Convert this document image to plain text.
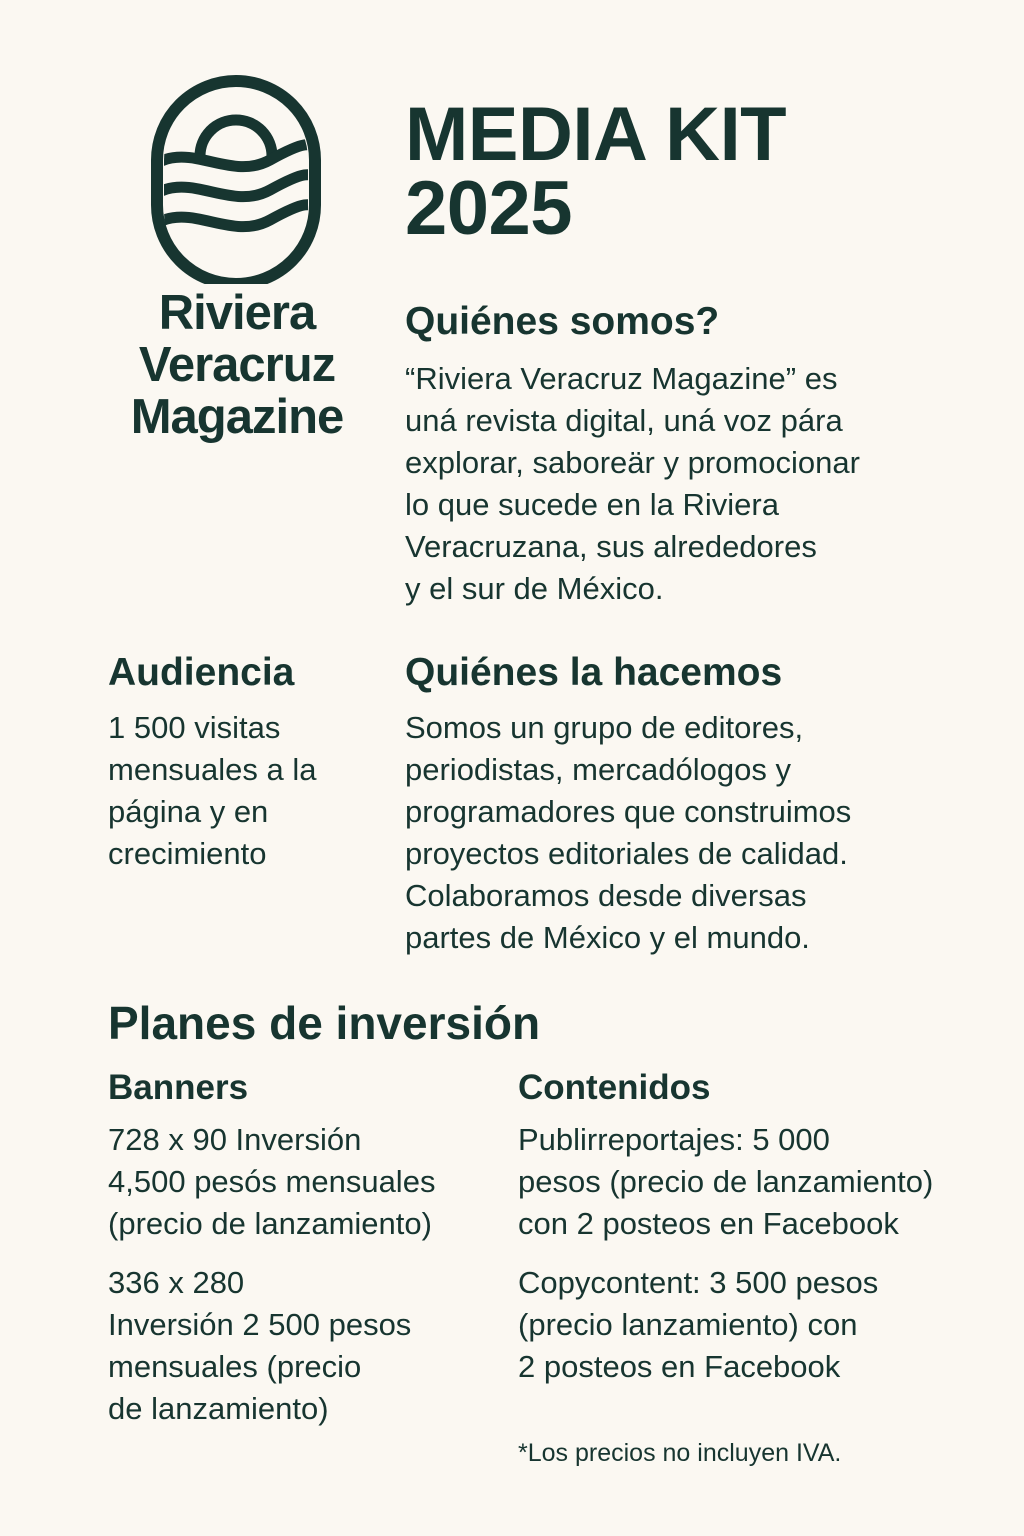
Riviera
Veracruz
Magazine
MEDIA KIT
2025
Quiénes somos?
“Riviera Veracruz Magazine” es
uná revista digital, uná voz pára
explorar, saboreär y promocionar
lo que sucede en la Riviera
Veracruzana, sus alrededores
y el sur de México.
Audiencia
1 500 visitas
mensuales a la
página y en
crecimiento
Quiénes la hacemos
Somos un grupo de editores,
periodistas, mercadólogos y
programadores que construimos
proyectos editoriales de calidad.
Colaboramos desde diversas
partes de México y el mundo.
Planes de inversión
Banners
728 x 90 Inversión
4,500 pesós mensuales
(precio de lanzamiento)
336 x 280
Inversión 2 500 pesos
mensuales (precio
de lanzamiento)
Contenidos
Publirreportajes: 5 000
pesos (precio de lanzamiento)
con 2 posteos en Facebook
Copycontent: 3 500 pesos
(precio lanzamiento) con
2 posteos en Facebook

*Los precios no incluyen IVA.
